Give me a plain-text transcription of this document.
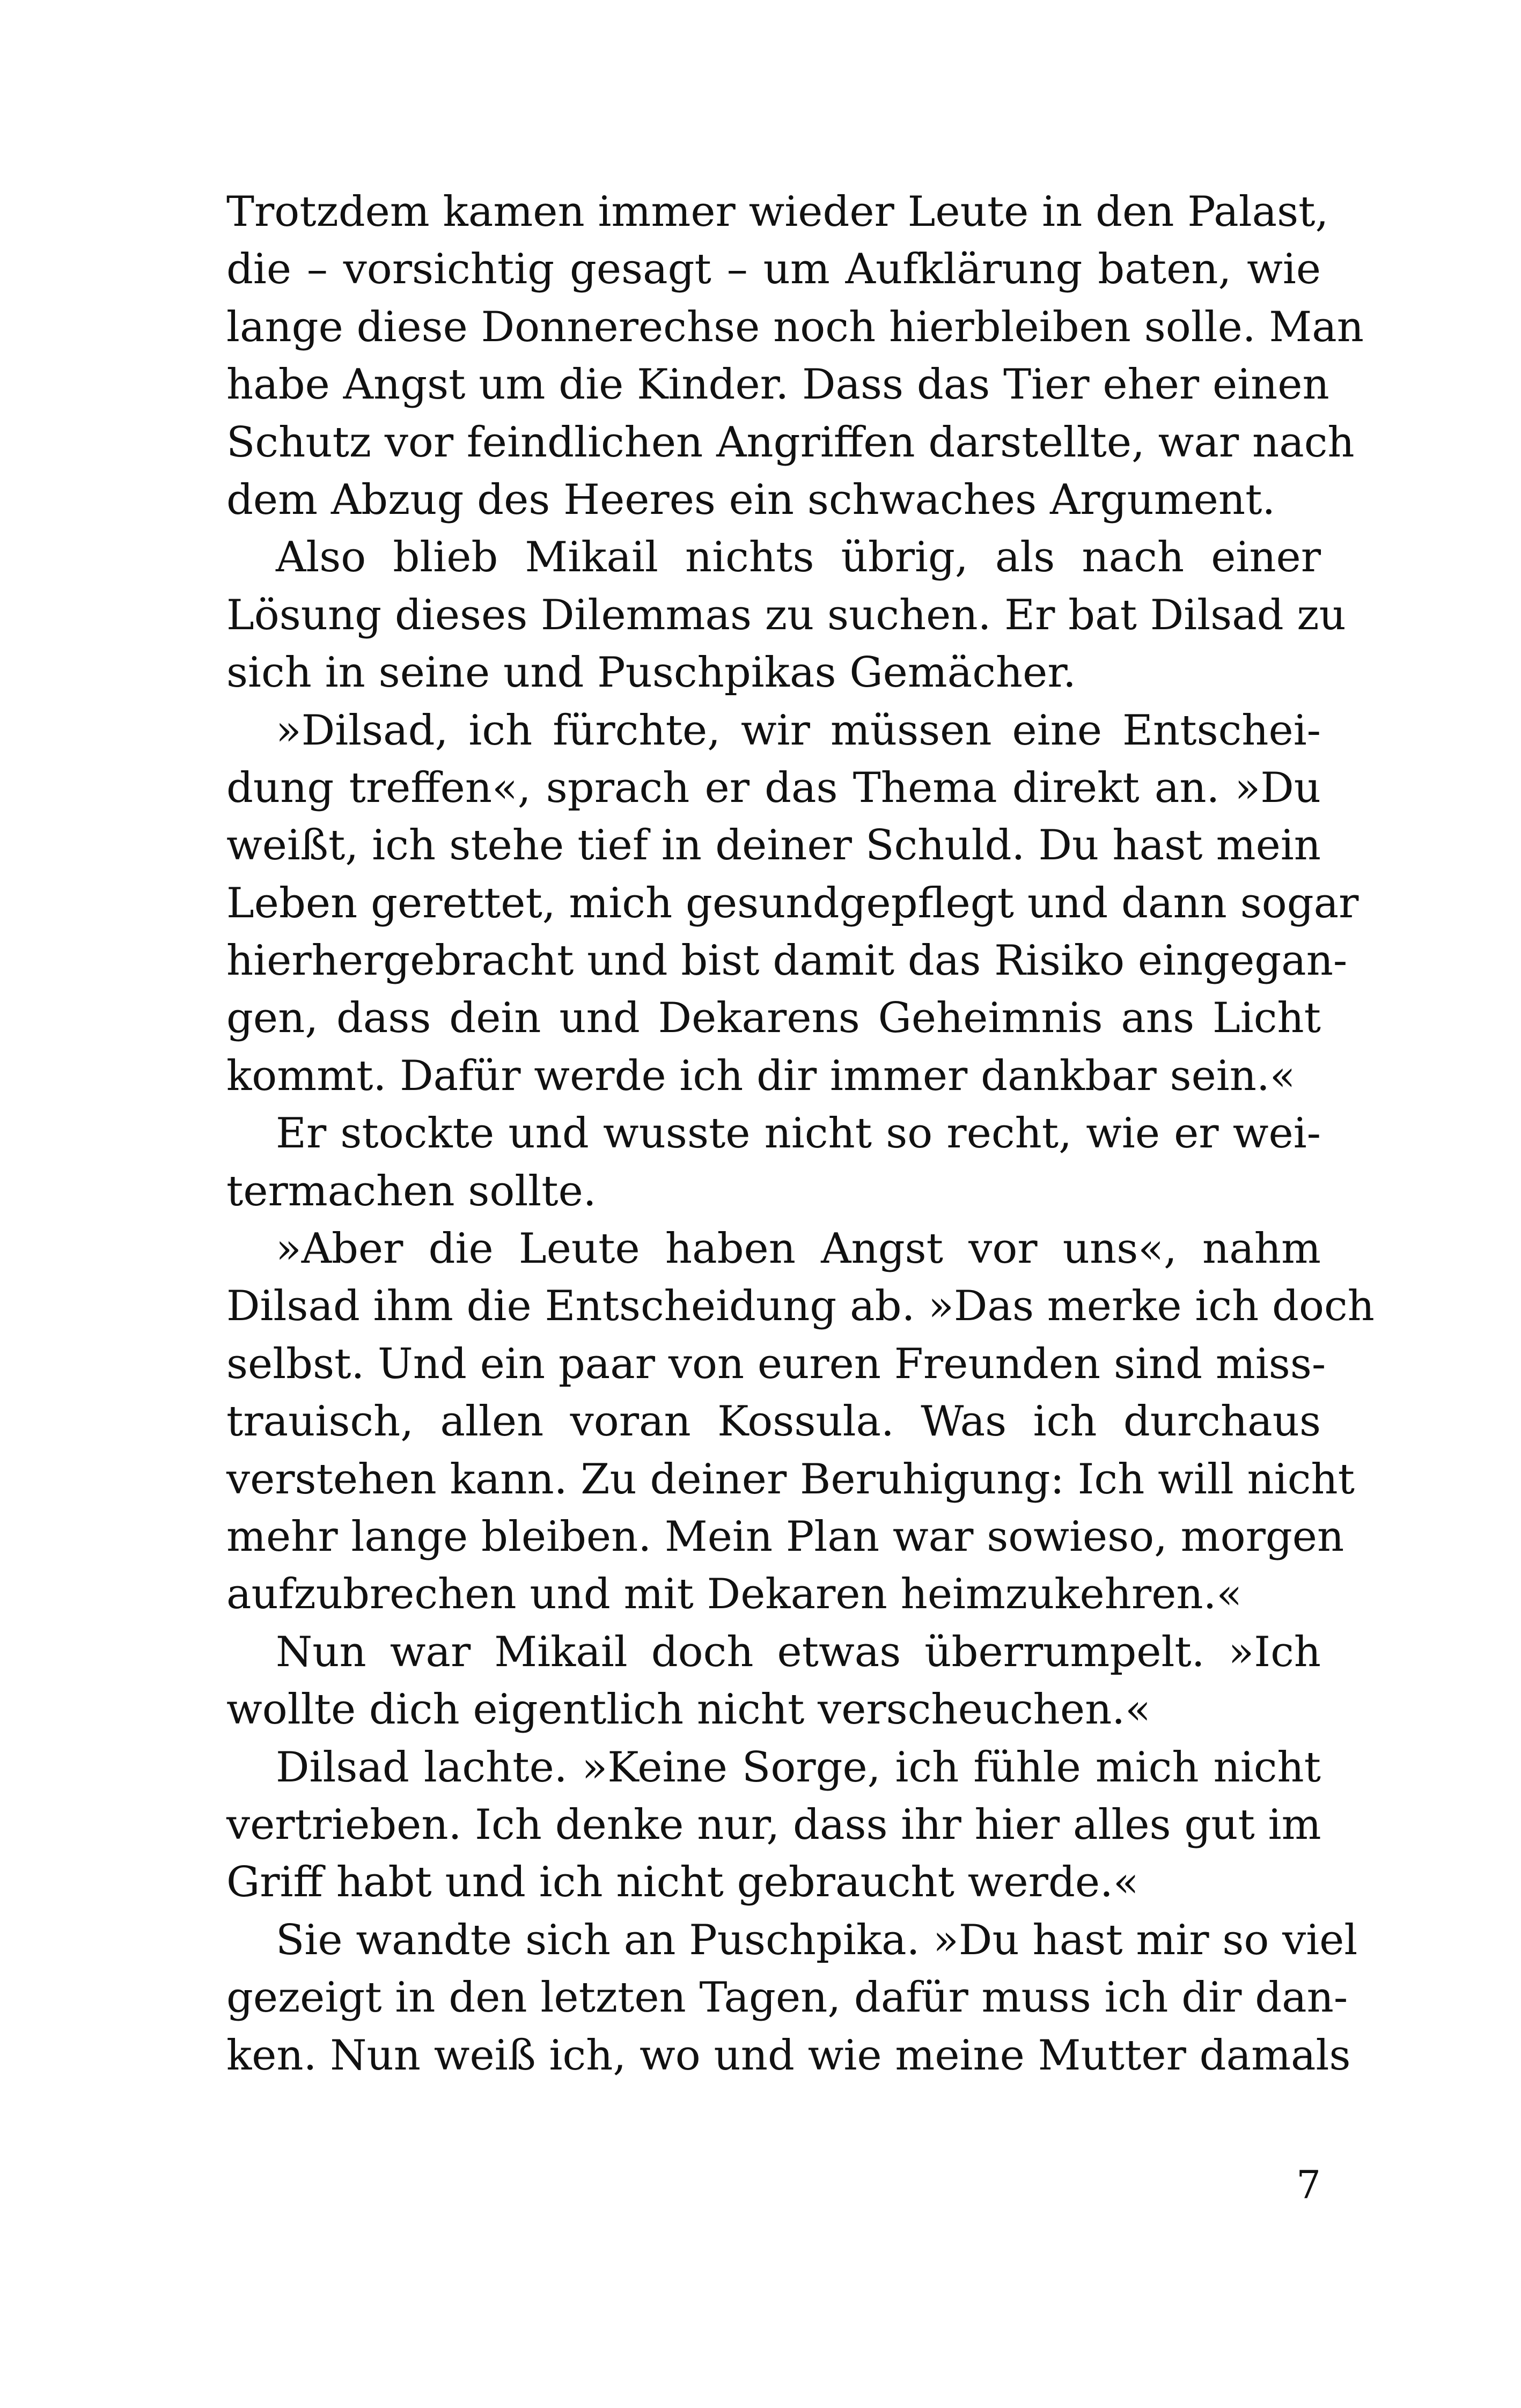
Trotzdem kamen immer wieder Leute in den Palast,
die – vorsichtig gesagt – um Aufklärung baten, wie
lange diese Donnerechse noch hierbleiben solle. Man
habe Angst um die Kinder. Dass das Tier eher einen
Schutz vor feindlichen Angriffen darstellte, war nach
dem Abzug des Heeres ein schwaches Argument.
Also blieb Mikail nichts übrig, als nach einer
Lösung dieses Dilemmas zu suchen. Er bat Dilsad zu
sich in seine und Puschpikas Gemächer.
»Dilsad, ich fürchte, wir müssen eine Entschei-
dung treffen«, sprach er das Thema direkt an. »Du
weißt, ich stehe tief in deiner Schuld. Du hast mein
Leben gerettet, mich gesundgepflegt und dann sogar
hierhergebracht und bist damit das Risiko eingegan-
gen, dass dein und Dekarens Geheimnis ans Licht
kommt. Dafür werde ich dir immer dankbar sein.«
Er stockte und wusste nicht so recht, wie er wei-
termachen sollte.
»Aber die Leute haben Angst vor uns«, nahm
Dilsad ihm die Entscheidung ab. »Das merke ich doch
selbst. Und ein paar von euren Freunden sind miss-
trauisch, allen voran Kossula. Was ich durchaus
verstehen kann. Zu deiner Beruhigung: Ich will nicht
mehr lange bleiben. Mein Plan war sowieso, morgen
aufzubrechen und mit Dekaren heimzukehren.«
Nun war Mikail doch etwas überrumpelt. »Ich
wollte dich eigentlich nicht verscheuchen.«
Dilsad lachte. »Keine Sorge, ich fühle mich nicht
vertrieben. Ich denke nur, dass ihr hier alles gut im
Griff habt und ich nicht gebraucht werde.«
Sie wandte sich an Puschpika. »Du hast mir so viel
gezeigt in den letzten Tagen, dafür muss ich dir dan-
ken. Nun weiß ich, wo und wie meine Mutter damals
7
